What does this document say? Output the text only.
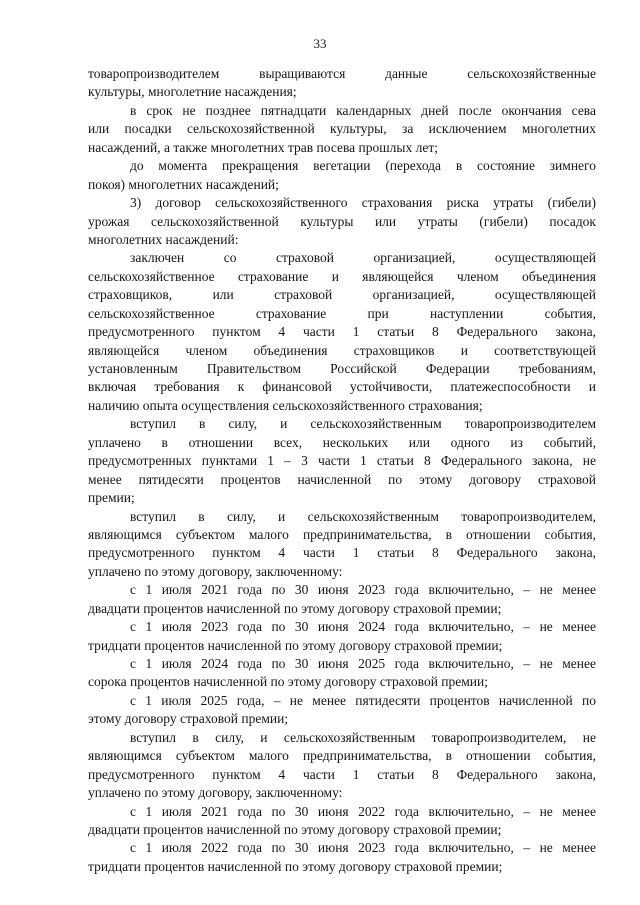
33
товаропроизводителем выращиваются данные сельскохозяйственные
культуры, многолетние насаждения;
в срок не позднее пятнадцати календарных дней после окончания сева
или посадки сельскохозяйственной культуры, за исключением многолетних
насаждений, а также многолетних трав посева прошлых лет;
до момента прекращения вегетации (перехода в состояние зимнего
покоя) многолетних насаждений;
3) договор сельскохозяйственного страхования риска утраты (гибели)
урожая сельскохозяйственной культуры или утраты (гибели) посадок
многолетних насаждений:
заключен со страховой организацией, осуществляющей
сельскохозяйственное страхование и являющейся членом объединения
страховщиков, или страховой организацией, осуществляющей
сельскохозяйственное страхование при наступлении события,
предусмотренного пунктом 4 части 1 статьи 8 Федерального закона,
являющейся членом объединения страховщиков и соответствующей
установленным Правительством Российской Федерации требованиям,
включая требования к финансовой устойчивости, платежеспособности и
наличию опыта осуществления сельскохозяйственного страхования;
вступил в силу, и сельскохозяйственным товаропроизводителем
уплачено в отношении всех, нескольких или одного из событий,
предусмотренных пунктами 1 – 3 части 1 статьи 8 Федерального закона, не
менее пятидесяти процентов начисленной по этому договору страховой
премии;
вступил в силу, и сельскохозяйственным товаропроизводителем,
являющимся субъектом малого предпринимательства, в отношении события,
предусмотренного пунктом 4 части 1 статьи 8 Федерального закона,
уплачено по этому договору, заключенному:
с 1 июля 2021 года по 30 июня 2023 года включительно, – не менее
двадцати процентов начисленной по этому договору страховой премии;
с 1 июля 2023 года по 30 июня 2024 года включительно, – не менее
тридцати процентов начисленной по этому договору страховой премии;
с 1 июля 2024 года по 30 июня 2025 года включительно, – не менее
сорока процентов начисленной по этому договору страховой премии;
с 1 июля 2025 года, – не менее пятидесяти процентов начисленной по
этому договору страховой премии;
вступил в силу, и сельскохозяйственным товаропроизводителем, не
являющимся субъектом малого предпринимательства, в отношении события,
предусмотренного пунктом 4 части 1 статьи 8 Федерального закона,
уплачено по этому договору, заключенному:
с 1 июля 2021 года по 30 июня 2022 года включительно, – не менее
двадцати процентов начисленной по этому договору страховой премии;
с 1 июля 2022 года по 30 июня 2023 года включительно, – не менее
тридцати процентов начисленной по этому договору страховой премии;
